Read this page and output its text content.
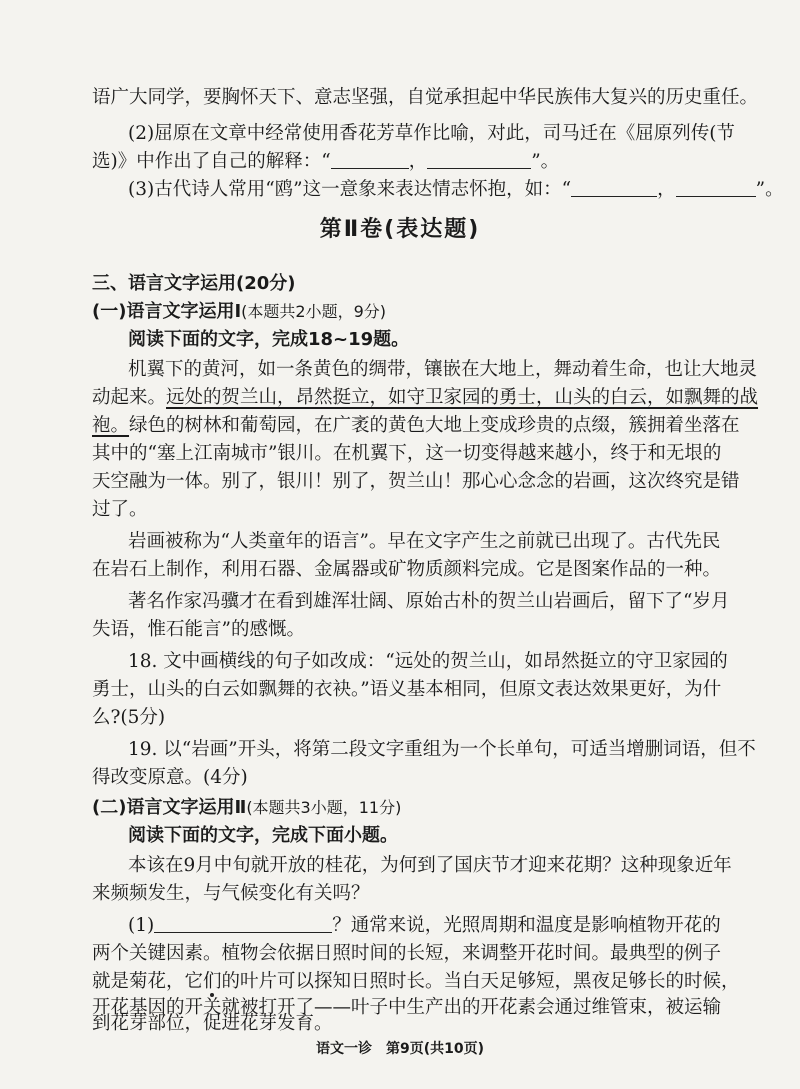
语广大同学，要胸怀天下、意志坚强，自觉承担起中华民族伟大复兴的历史重任。
(2)屈原在文章中经常使用香花芳草作比喻，对此，司马迁在《屈原列传(节
选)》中作出了自己的解释：“	，	”。
(3)古代诗人常用“鸥”这一意象来表达情志怀抱，如：“	，	”。
第Ⅱ卷(表达题)
三、语言文字运用(20分)
(一)语言文字运用Ⅰ(本题共2小题，9分)
阅读下面的文字，完成18~19题。
机翼下的黄河，如一条黄色的绸带，镶嵌在大地上，舞动着生命，也让大地灵
动起来。远处的贺兰山，昂然挺立，如守卫家园的勇士，山头的白云，如飘舞的战
袍。绿色的树林和葡萄园，在广袤的黄色大地上变成珍贵的点缀，簇拥着坐落在
其中的“塞上江南城市”银川。在机翼下，这一切变得越来越小，终于和无垠的
天空融为一体。别了，银川！别了，贺兰山！那心心念念的岩画，这次终究是错
过了。
岩画被称为“人类童年的语言”。早在文字产生之前就已出现了。古代先民
在岩石上制作，利用石器、金属器或矿物质颜料完成。它是图案作品的一种。
著名作家冯骥才在看到雄浑壮阔、原始古朴的贺兰山岩画后，留下了“岁月
失语，惟石能言”的感慨。
18. 文中画横线的句子如改成：“远处的贺兰山，如昂然挺立的守卫家园的
勇士，山头的白云如飘舞的衣袂。”语义基本相同，但原文表达效果更好，为什
么?(5分)
19. 以“岩画”开头，将第二段文字重组为一个长单句，可适当增删词语，但不
得改变原意。(4分)
(二)语言文字运用Ⅱ(本题共3小题，11分)
阅读下面的文字，完成下面小题。
本该在9月中旬就开放的桂花，为何到了国庆节才迎来花期？这种现象近年
来频频发生，与气候变化有关吗？
(1)	？通常来说，光照周期和温度是影响植物开花的
两个关键因素。植物会依据日照时间的长短，来调整开花时间。最典型的例子
就是菊花，它们的叶片可以探知日照时长。当白天足够短，黑夜足够长的时候，
开花基因的开关就被打开了——叶子中生产出的开花素会通过维管束，被运输
到花芽部位，促进花芽发育。
语文一诊　第9页(共10页)
